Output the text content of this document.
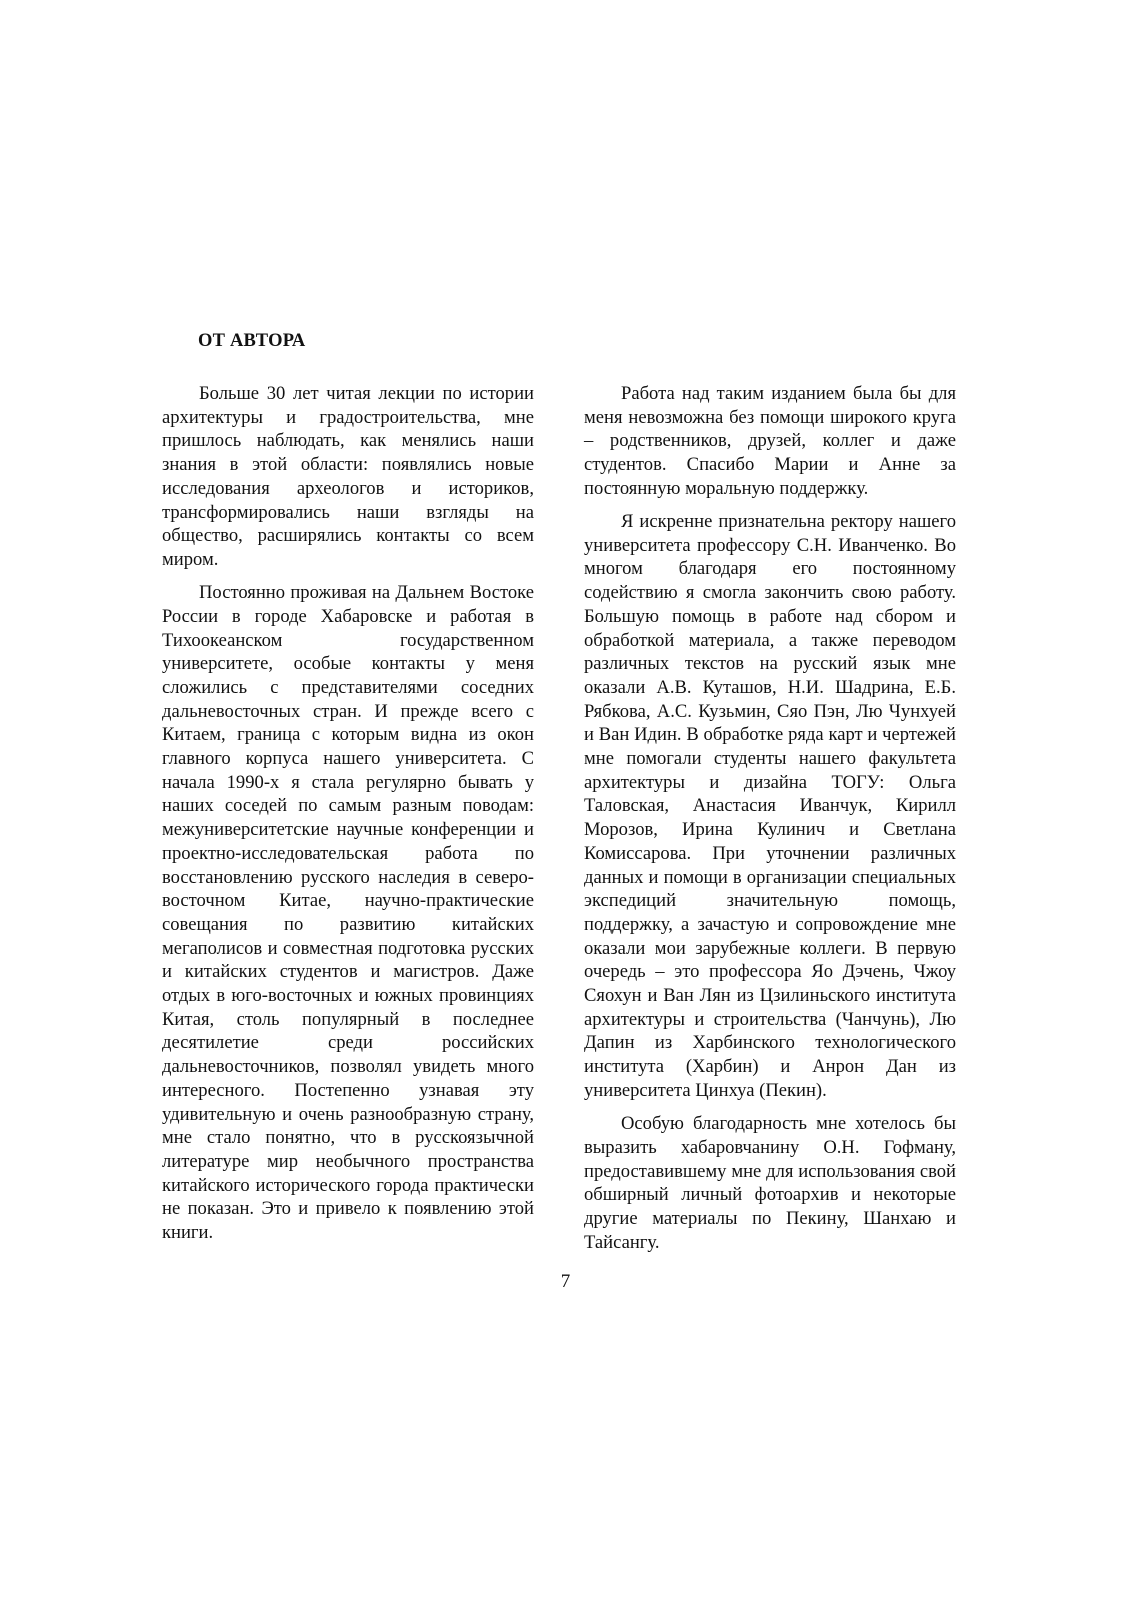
ОТ АВТОРА

Больше 30 лет читая лекции по истории архитектуры и градостроительства, мне пришлось наблюдать, как менялись наши знания в этой области: появлялись новые исследования археологов и историков, трансформировались наши взгляды на общество, расширялись контакты со всем миром.

Постоянно проживая на Дальнем Востоке России в городе Хабаровске и работая в Тихоокеанском государственном университете, особые контакты у меня сложились с представителями соседних дальневосточных стран. И прежде всего с Китаем, граница с которым видна из окон главного корпуса нашего университета. С начала 1990-х я стала регулярно бывать у наших соседей по самым разным поводам: межуниверситетские научные конференции и проектно-исследовательская работа по восстановлению русского наследия в северо-восточном Китае, научно-практические совещания по развитию китайских мегаполисов и совместная подготовка русских и китайских студентов и магистров. Даже отдых в юго-восточных и южных провинциях Китая, столь популярный в последнее десятилетие среди российских дальневосточников, позволял увидеть много интересного. Постепенно узнавая эту удивительную и очень разнообразную страну, мне стало понятно, что в русскоязычной литературе мир необычного пространства китайского исторического города практически не показан. Это и привело к появлению этой книги.

Работа над таким изданием была бы для меня невозможна без помощи широкого круга – родственников, друзей, коллег и даже студентов. Спасибо Марии и Анне за постоянную моральную поддержку.

Я искренне признательна ректору нашего университета профессору С.Н. Иванченко. Во многом благодаря его постоянному содействию я смогла закончить свою работу. Большую помощь в работе над сбором и обработкой материала, а также переводом различных текстов на русский язык мне оказали А.В. Куташов, Н.И. Шадрина, Е.Б. Рябкова, А.С. Кузьмин, Сяо Пэн, Лю Чунхуей и Ван Идин. В обработке ряда карт и чертежей мне помогали студенты нашего факультета архитектуры и дизайна ТОГУ: Ольга Таловская, Анастасия Иванчук, Кирилл Морозов, Ирина Кулинич и Светлана Комиссарова. При уточнении различных данных и помощи в организации специальных экспедиций значительную помощь, поддержку, а зачастую и сопровождение мне оказали мои зарубежные коллеги. В первую очередь – это профессора Яо Дэчень, Чжоу Сяохун и Ван Лян из Цзилиньского института архитектуры и строительства (Чанчунь), Лю Дапин из Харбинского технологического института (Харбин) и Анрон Дан из университета Цинхуа (Пекин).

Особую благодарность мне хотелось бы выразить хабаровчанину О.Н. Гофману, предоставившему мне для использования свой обширный личный фотоархив и некоторые другие материалы по Пекину, Шанхаю и Тайсангу.

7
